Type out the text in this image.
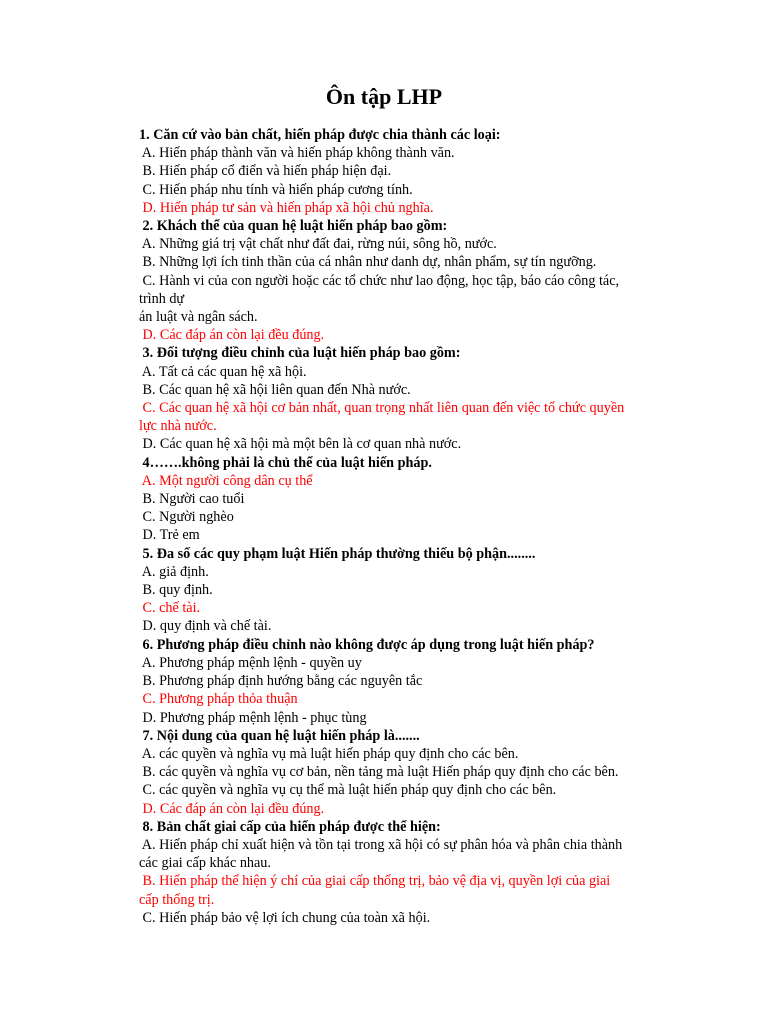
Ôn tập LHP
1. Căn cứ vào bản chất, hiến pháp được chia thành các loại:
A. Hiến pháp thành văn và hiến pháp không thành văn.
B. Hiến pháp cổ điển và hiến pháp hiện đại.
C. Hiến pháp nhu tính và hiến pháp cương tính.
D. Hiến pháp tư sản và hiến pháp xã hội chủ nghĩa.
2. Khách thể của quan hệ luật hiến pháp bao gồm:
A. Những giá trị vật chất như đất đai, rừng núi, sông hồ, nước.
B. Những lợi ích tinh thần của cá nhân như danh dự, nhân phẩm, sự tín ngưỡng.
C. Hành vi của con người hoặc các tổ chức như lao động, học tập, báo cáo công tác,
trình dự
án luật và ngân sách.
D. Các đáp án còn lại đều đúng.
3. Đối tượng điều chỉnh của luật hiến pháp bao gồm:
A. Tất cả các quan hệ xã hội.
B. Các quan hệ xã hội liên quan đến Nhà nước.
C. Các quan hệ xã hội cơ bản nhất, quan trọng nhất liên quan đến việc tổ chức quyền
lực nhà nước.
D. Các quan hệ xã hội mà một bên là cơ quan nhà nước.
4…….không phải là chủ thể của luật hiến pháp.
A. Một người công dân cụ thể
B. Người cao tuổi
C. Người nghèo
D. Trẻ em
5. Đa số các quy phạm luật Hiến pháp thường thiếu bộ phận........
A. giả định.
B. quy định.
C. chế tài.
D. quy định và chế tài.
6. Phương pháp điều chỉnh nào không được áp dụng trong luật hiến pháp?
A. Phương pháp mệnh lệnh - quyền uy
B. Phương pháp định hướng bằng các nguyên tắc
C. Phương pháp thỏa thuận
D. Phương pháp mệnh lệnh - phục tùng
7. Nội dung của quan hệ luật hiến pháp là.......
A. các quyền và nghĩa vụ mà luật hiến pháp quy định cho các bên.
B. các quyền và nghĩa vụ cơ bản, nền tảng mà luật Hiến pháp quy định cho các bên.
C. các quyền và nghĩa vụ cụ thể mà luật hiến pháp quy định cho các bên.
D. Các đáp án còn lại đều đúng.
8. Bản chất giai cấp của hiến pháp được thể hiện:
A. Hiến pháp chỉ xuất hiện và tồn tại trong xã hội có sự phân hóa và phân chia thành
các giai cấp khác nhau.
B. Hiến pháp thể hiện ý chí của giai cấp thống trị, bảo vệ địa vị, quyền lợi của giai
cấp thống trị.
C. Hiến pháp bảo vệ lợi ích chung của toàn xã hội.
